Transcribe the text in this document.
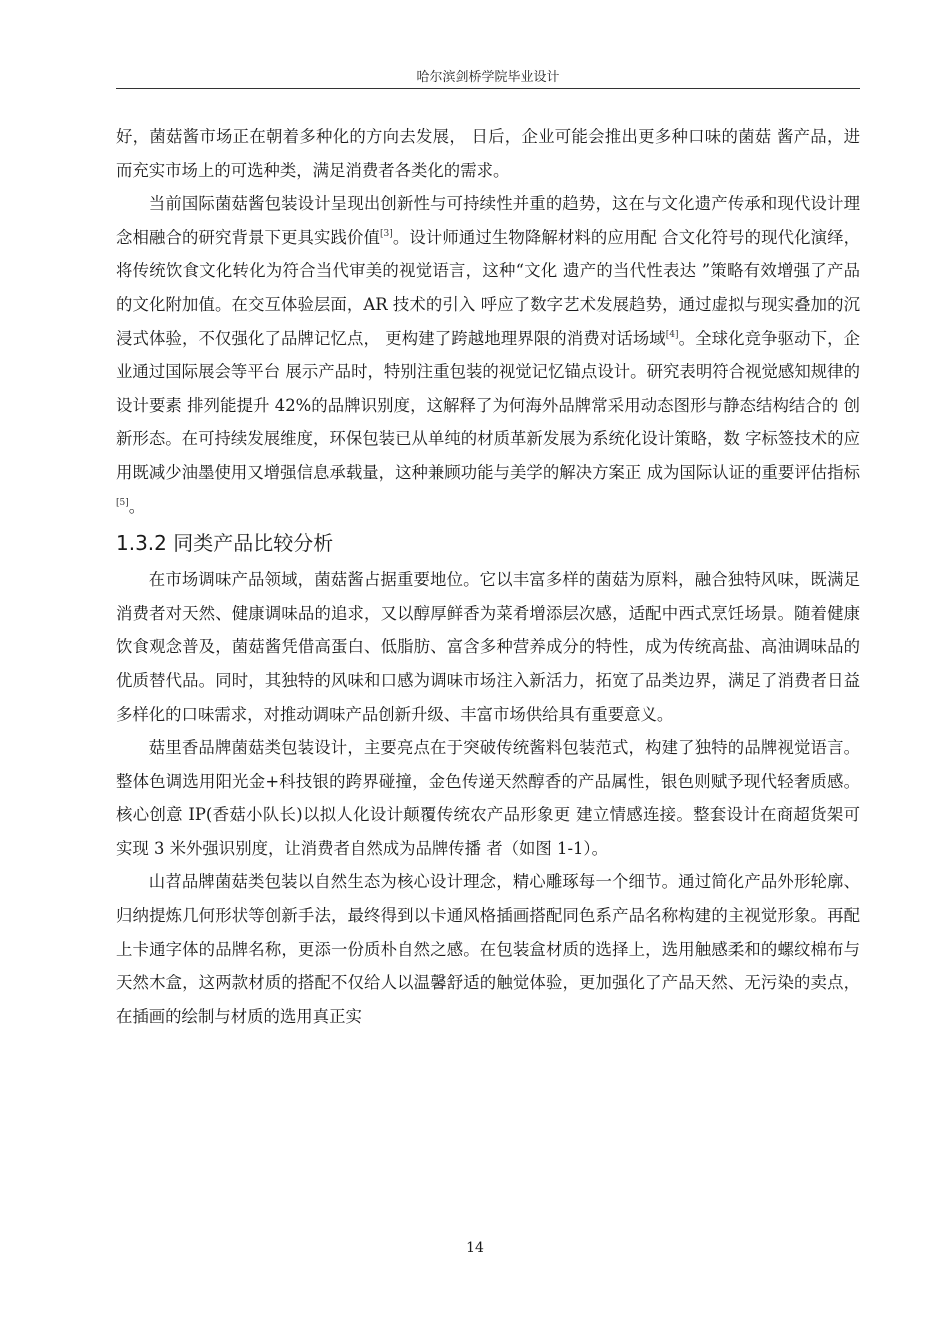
哈尔滨剑桥学院毕业设计

好，菌菇酱市场正在朝着多种化的方向去发展， 日后，企业可能会推出更多种口味的菌菇 酱产品，进而充实市场上的可选种类，满足消费者各类化的需求。

当前国际菌菇酱包装设计呈现出创新性与可持续性并重的趋势，这在与文化遗产传承和现代设计理念相融合的研究背景下更具实践价值[3]。设计师通过生物降解材料的应用配 合文化符号的现代化演绎，将传统饮食文化转化为符合当代审美的视觉语言，这种“文化 遗产的当代性表达 ”策略有效增强了产品的文化附加值。在交互体验层面，AR 技术的引入 呼应了数字艺术发展趋势，通过虚拟与现实叠加的沉浸式体验，不仅强化了品牌记忆点， 更构建了跨越地理界限的消费对话场域[4]。全球化竞争驱动下，企业通过国际展会等平台 展示产品时，特别注重包装的视觉记忆锚点设计。研究表明符合视觉感知规律的设计要素 排列能提升 42%的品牌识别度，这解释了为何海外品牌常采用动态图形与静态结构结合的 创新形态。在可持续发展维度，环保包装已从单纯的材质革新发展为系统化设计策略，数 字标签技术的应用既减少油墨使用又增强信息承载量，这种兼顾功能与美学的解决方案正 成为国际认证的重要评估指标[5]。

1.3.2 同类产品比较分析

在市场调味产品领域，菌菇酱占据重要地位。它以丰富多样的菌菇为原料，融合独特风味，既满足消费者对天然、健康调味品的追求，又以醇厚鲜香为菜肴增添层次感，适配中西式烹饪场景。随着健康饮食观念普及，菌菇酱凭借高蛋白、低脂肪、富含多种营养成分的特性，成为传统高盐、高油调味品的优质替代品。同时，其独特的风味和口感为调味市场注入新活力，拓宽了品类边界，满足了消费者日益多样化的口味需求，对推动调味产品创新升级、丰富市场供给具有重要意义。

菇里香品牌菌菇类包装设计，主要亮点在于突破传统酱料包装范式，构建了独特的品牌视觉语言。整体色调选用阳光金+科技银的跨界碰撞，金色传递天然醇香的产品属性，银色则赋予现代轻奢质感。核心创意 IP(香菇小队长)以拟人化设计颠覆传统农产品形象更 建立情感连接。整套设计在商超货架可实现 3 米外强识别度，让消费者自然成为品牌传播 者（如图 1-1）。

山苕品牌菌菇类包装以自然生态为核心设计理念，精心雕琢每一个细节。通过简化产品外形轮廓、归纳提炼几何形状等创新手法，最终得到以卡通风格插画搭配同色系产品名称构建的主视觉形象。再配上卡通字体的品牌名称，更添一份质朴自然之感。在包装盒材质的选择上，选用触感柔和的螺纹棉布与天然木盒，这两款材质的搭配不仅给人以温馨舒适的触觉体验，更加强化了产品天然、无污染的卖点，在插画的绘制与材质的选用真正实

14
